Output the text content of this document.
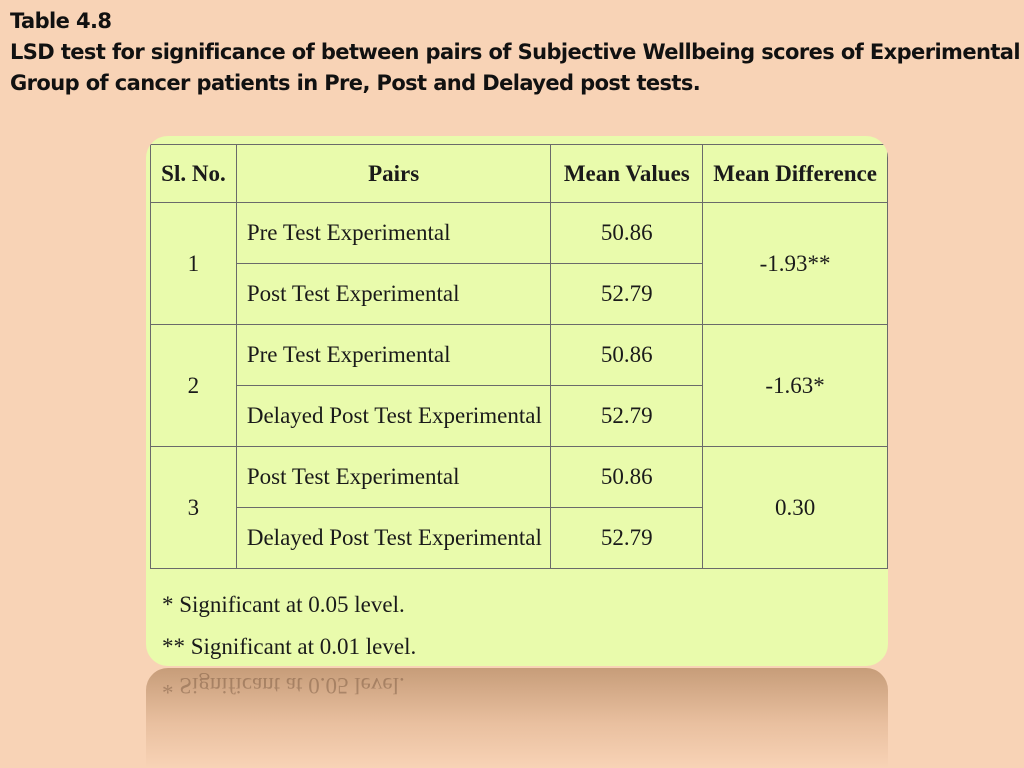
Table 4.8
LSD test for significance of between pairs of Subjective Wellbeing scores of Experimental
Group of cancer patients in Pre, Post and Delayed post tests.
Sl. No.	Pairs	Mean Values	Mean Difference
1	Pre Test Experimental	50.86	-1.93**
	Post Test Experimental	52.79	
2	Pre Test Experimental	50.86	-1.63*
	Delayed Post Test Experimental	52.79	
3	Post Test Experimental	50.86	0.30
	Delayed Post Test Experimental	52.79	
* Significant at 0.05 level.
** Significant at 0.01 level.
* Significant at 0.05 level.
